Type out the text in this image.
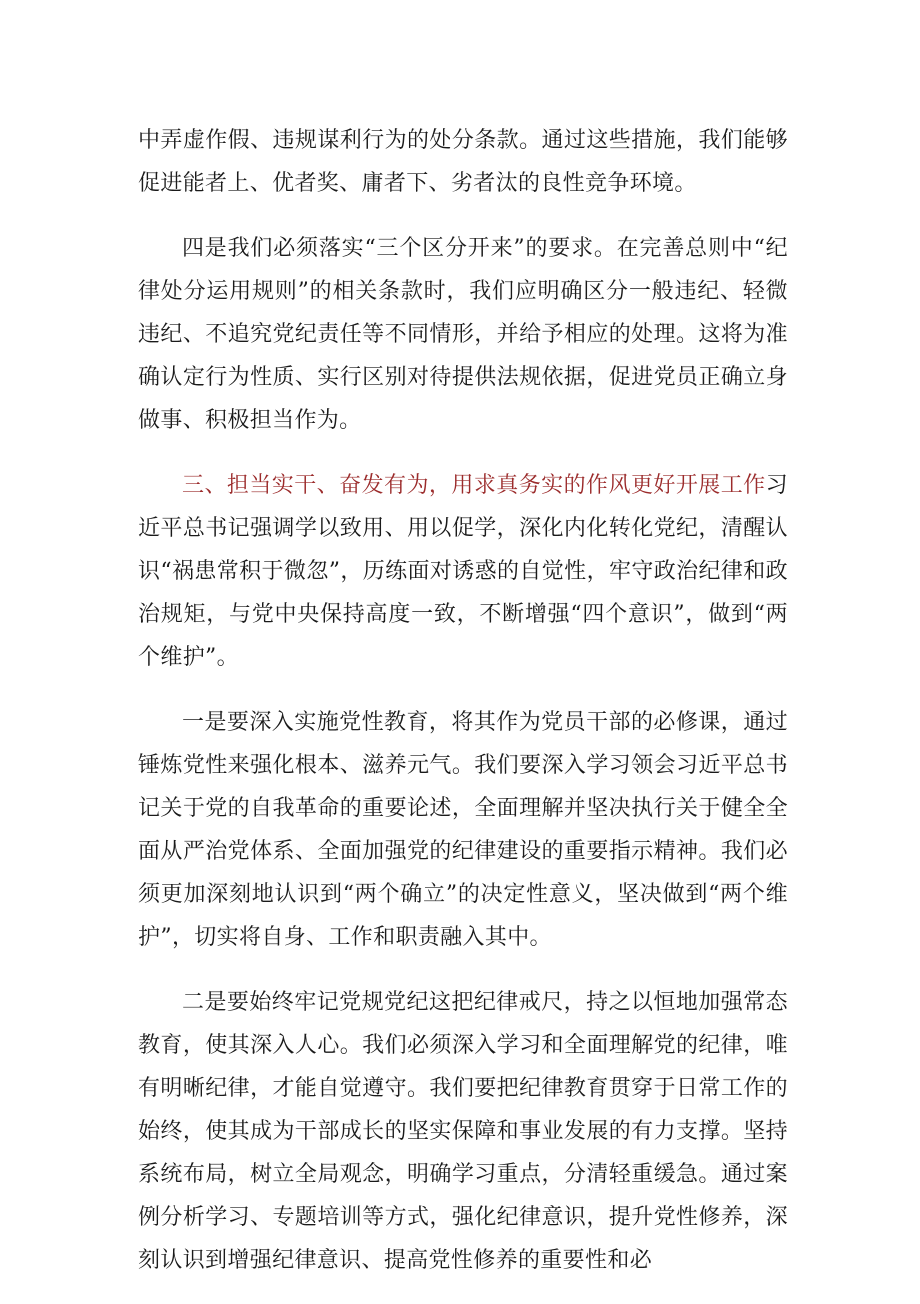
中弄虚作假、违规谋利行为的处分条款。通过这些措施，我们能够促进能者上、优者奖、庸者下、劣者汰的良性竞争环境。

四是我们必须落实“三个区分开来”的要求。在完善总则中“纪律处分运用规则”的相关条款时，我们应明确区分一般违纪、轻微违纪、不追究党纪责任等不同情形，并给予相应的处理。这将为准确认定行为性质、实行区别对待提供法规依据，促进党员正确立身做事、积极担当作为。

三、担当实干、奋发有为，用求真务实的作风更好开展工作习近平总书记强调学以致用、用以促学，深化内化转化党纪，清醒认识“祸患常积于微忽”，历练面对诱惑的自觉性，牢守政治纪律和政治规矩，与党中央保持高度一致，不断增强“四个意识”，做到“两个维护”。

一是要深入实施党性教育，将其作为党员干部的必修课，通过锤炼党性来强化根本、滋养元气。我们要深入学习领会习近平总书记关于党的自我革命的重要论述，全面理解并坚决执行关于健全全面从严治党体系、全面加强党的纪律建设的重要指示精神。我们必须更加深刻地认识到“两个确立”的决定性意义，坚决做到“两个维护”，切实将自身、工作和职责融入其中。

二是要始终牢记党规党纪这把纪律戒尺，持之以恒地加强常态教育，使其深入人心。我们必须深入学习和全面理解党的纪律，唯有明晰纪律，才能自觉遵守。我们要把纪律教育贯穿于日常工作的始终，使其成为干部成长的坚实保障和事业发展的有力支撑。坚持系统布局，树立全局观念，明确学习重点，分清轻重缓急。通过案例分析学习、专题培训等方式，强化纪律意识，提升党性修养，深刻认识到增强纪律意识、提高党性修养的重要性和必
